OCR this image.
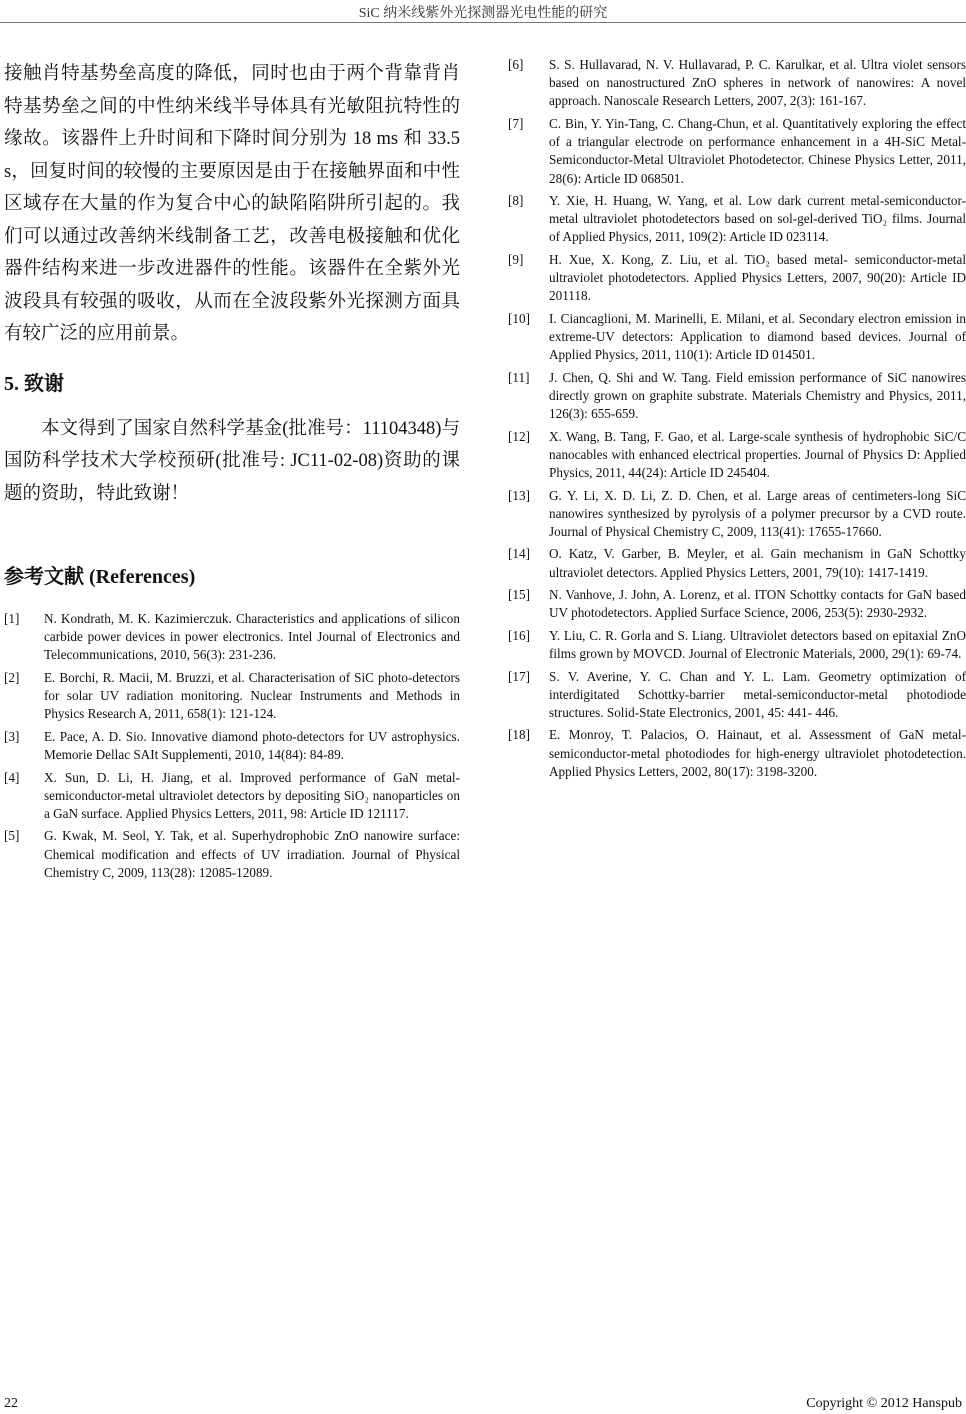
SiC 纳米线紫外光探测器光电性能的研究

接触肖特基势垒高度的降低，同时也由于两个背靠背肖特基势垒之间的中性纳米线半导体具有光敏阻抗特性的缘故。该器件上升时间和下降时间分别为 18 ms 和 33.5 s，回复时间的较慢的主要原因是由于在接触界面和中性区域存在大量的作为复合中心的缺陷陷阱所引起的。我们可以通过改善纳米线制备工艺，改善电极接触和优化器件结构来进一步改进器件的性能。该器件在全紫外光波段具有较强的吸收，从而在全波段紫外光探测方面具有较广泛的应用前景。

5. 致谢

本文得到了国家自然科学基金(批准号：11104348)与国防科学技术大学校预研(批准号: JC11-02-08)资助的课题的资助，特此致谢！

参考文献 (References)
[1] N. Kondrath, M. K. Kazimierczuk. Characteristics and applications of silicon carbide power devices in power electronics. Intel Journal of Electronics and Telecommunications, 2010, 56(3): 231-236.
[2] E. Borchi, R. Macii, M. Bruzzi, et al. Characterisation of SiC photo-detectors for solar UV radiation monitoring. Nuclear Instruments and Methods in Physics Research A, 2011, 658(1): 121-124.
[3] E. Pace, A. D. Sio. Innovative diamond photo-detectors for UV astrophysics. Memorie Dellac SAIt Supplementi, 2010, 14(84): 84-89.
[4] X. Sun, D. Li, H. Jiang, et al. Improved performance of GaN metal-semiconductor-metal ultraviolet detectors by depositing SiO₂ nanoparticles on a GaN surface. Applied Physics Letters, 2011, 98: Article ID 121117.
[5] G. Kwak, M. Seol, Y. Tak, et al. Superhydrophobic ZnO nanowire surface: Chemical modification and effects of UV irradiation. Journal of Physical Chemistry C, 2009, 113(28): 12085-12089.
[6] S. S. Hullavarad, N. V. Hullavarad, P. C. Karulkar, et al. Ultra violet sensors based on nanostructured ZnO spheres in network of nanowires: A novel approach. Nanoscale Research Letters, 2007, 2(3): 161-167.
[7] C. Bin, Y. Yin-Tang, C. Chang-Chun, et al. Quantitatively exploring the effect of a triangular electrode on performance enhancement in a 4H-SiC Metal-Semiconductor-Metal Ultraviolet Photodetector. Chinese Physics Letter, 2011, 28(6): Article ID 068501.
[8] Y. Xie, H. Huang, W. Yang, et al. Low dark current metal-semiconductor-metal ultraviolet photodetectors based on sol-gel-derived TiO₂ films. Journal of Applied Physics, 2011, 109(2): Article ID 023114.
[9] H. Xue, X. Kong, Z. Liu, et al. TiO₂ based metal- semiconductor-metal ultraviolet photodetectors. Applied Physics Letters, 2007, 90(20): Article ID 201118.
[10] I. Ciancaglioni, M. Marinelli, E. Milani, et al. Secondary electron emission in extreme-UV detectors: Application to diamond based devices. Journal of Applied Physics, 2011, 110(1): Article ID 014501.
[11] J. Chen, Q. Shi and W. Tang. Field emission performance of SiC nanowires directly grown on graphite substrate. Materials Chemistry and Physics, 2011, 126(3): 655-659.
[12] X. Wang, B. Tang, F. Gao, et al. Large-scale synthesis of hydrophobic SiC/C nanocables with enhanced electrical properties. Journal of Physics D: Applied Physics, 2011, 44(24): Article ID 245404.
[13] G. Y. Li, X. D. Li, Z. D. Chen, et al. Large areas of centimeters-long SiC nanowires synthesized by pyrolysis of a polymer precursor by a CVD route. Journal of Physical Chemistry C, 2009, 113(41): 17655-17660.
[14] O. Katz, V. Garber, B. Meyler, et al. Gain mechanism in GaN Schottky ultraviolet detectors. Applied Physics Letters, 2001, 79(10): 1417-1419.
[15] N. Vanhove, J. John, A. Lorenz, et al. ITON Schottky contacts for GaN based UV photodetectors. Applied Surface Science, 2006, 253(5): 2930-2932.
[16] Y. Liu, C. R. Gorla and S. Liang. Ultraviolet detectors based on epitaxial ZnO films grown by MOVCD. Journal of Electronic Materials, 2000, 29(1): 69-74.
[17] S. V. Averine, Y. C. Chan and Y. L. Lam. Geometry optimization of interdigitated Schottky-barrier metal-semiconductor-metal photodiode structures. Solid-State Electronics, 2001, 45: 441- 446.
[18] E. Monroy, T. Palacios, O. Hainaut, et al. Assessment of GaN metal-semiconductor-metal photodiodes for high-energy ultraviolet photodetection. Applied Physics Letters, 2002, 80(17): 3198-3200.
22	Copyright © 2012 Hanspub
